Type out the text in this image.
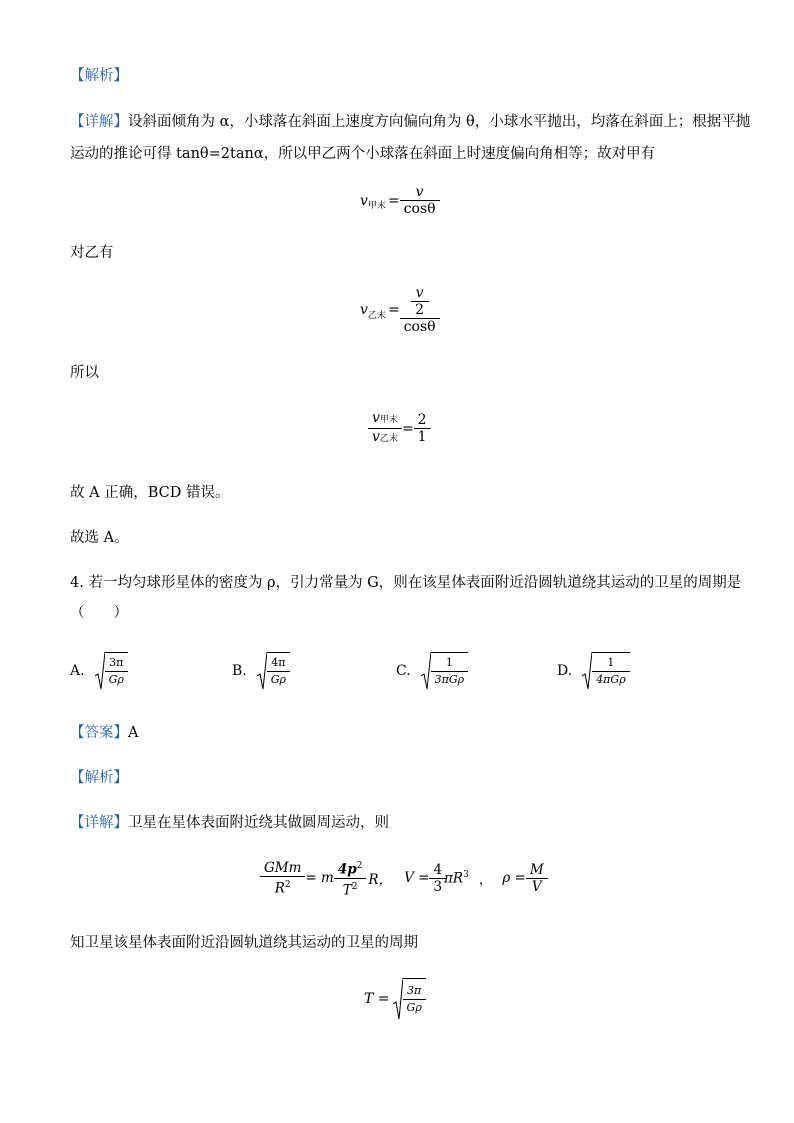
【解析】
【详解】设斜面倾角为 α，小球落在斜面上速度方向偏向角为 θ，小球水平抛出，均落在斜面上；根据平抛
运动的推论可得 tanθ=2tanα，所以甲乙两个小球落在斜面上时速度偏向角相等；故对甲有
v 甲末 = $\frac{v}{\cos\theta}$
对乙有
v 乙末 = $\frac{\frac{v}{2}}{\cos\theta}$
所以
$\frac{\text{v甲末}}{\text{v乙末}} = \frac{2}{1}$
故 A 正确，BCD 错误。
故选 A。
4. 若一均匀球形星体的密度为 ρ，引力常量为 G，则在该星体表面附近沿圆轨道绕其运动的卫星的周期是
（　　）
A. $\frac{3\pi}{G\rho}$	B. $\frac{4\pi}{G\rho}$	C. $\frac{1}{\text{3πGρ}}$	D. $\frac{1}{\text{4πGρ}}$
【答案】A
【解析】
【详解】卫星在星体表面附近绕其做圆周运动，则
$\frac{\text{GMm}}{R^2} = m \frac{4p^2}{T^2}$ R， $V = \frac{4}{3} \pi R^3$ ， $\rho = \frac{M}{V}$
知卫星该星体表面附近沿圆轨道绕其运动的卫星的周期
$T = \frac{3\pi}{G\rho}$
